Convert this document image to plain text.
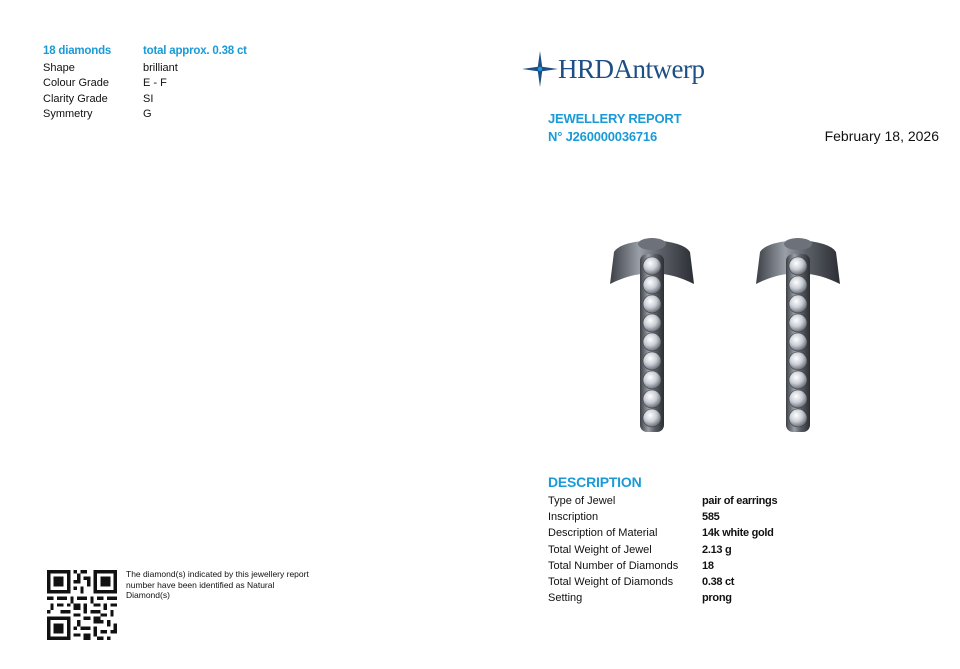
18 diamonds	total approx. 0.38 ct
Shape	brilliant
Colour Grade	E - F
Clarity Grade	SI
Symmetry	G
The diamond(s) indicated by this jewellery report number have been identified as Natural Diamond(s)
HRDAntwerp
JEWELLERY REPORT
N° J260000036716	February 18, 2026
DESCRIPTION
Type of Jewel	pair of earrings
Inscription	585
Description of Material	14k white gold
Total Weight of Jewel	2.13 g
Total Number of Diamonds	18
Total Weight of Diamonds	0.38 ct
Setting	prong
